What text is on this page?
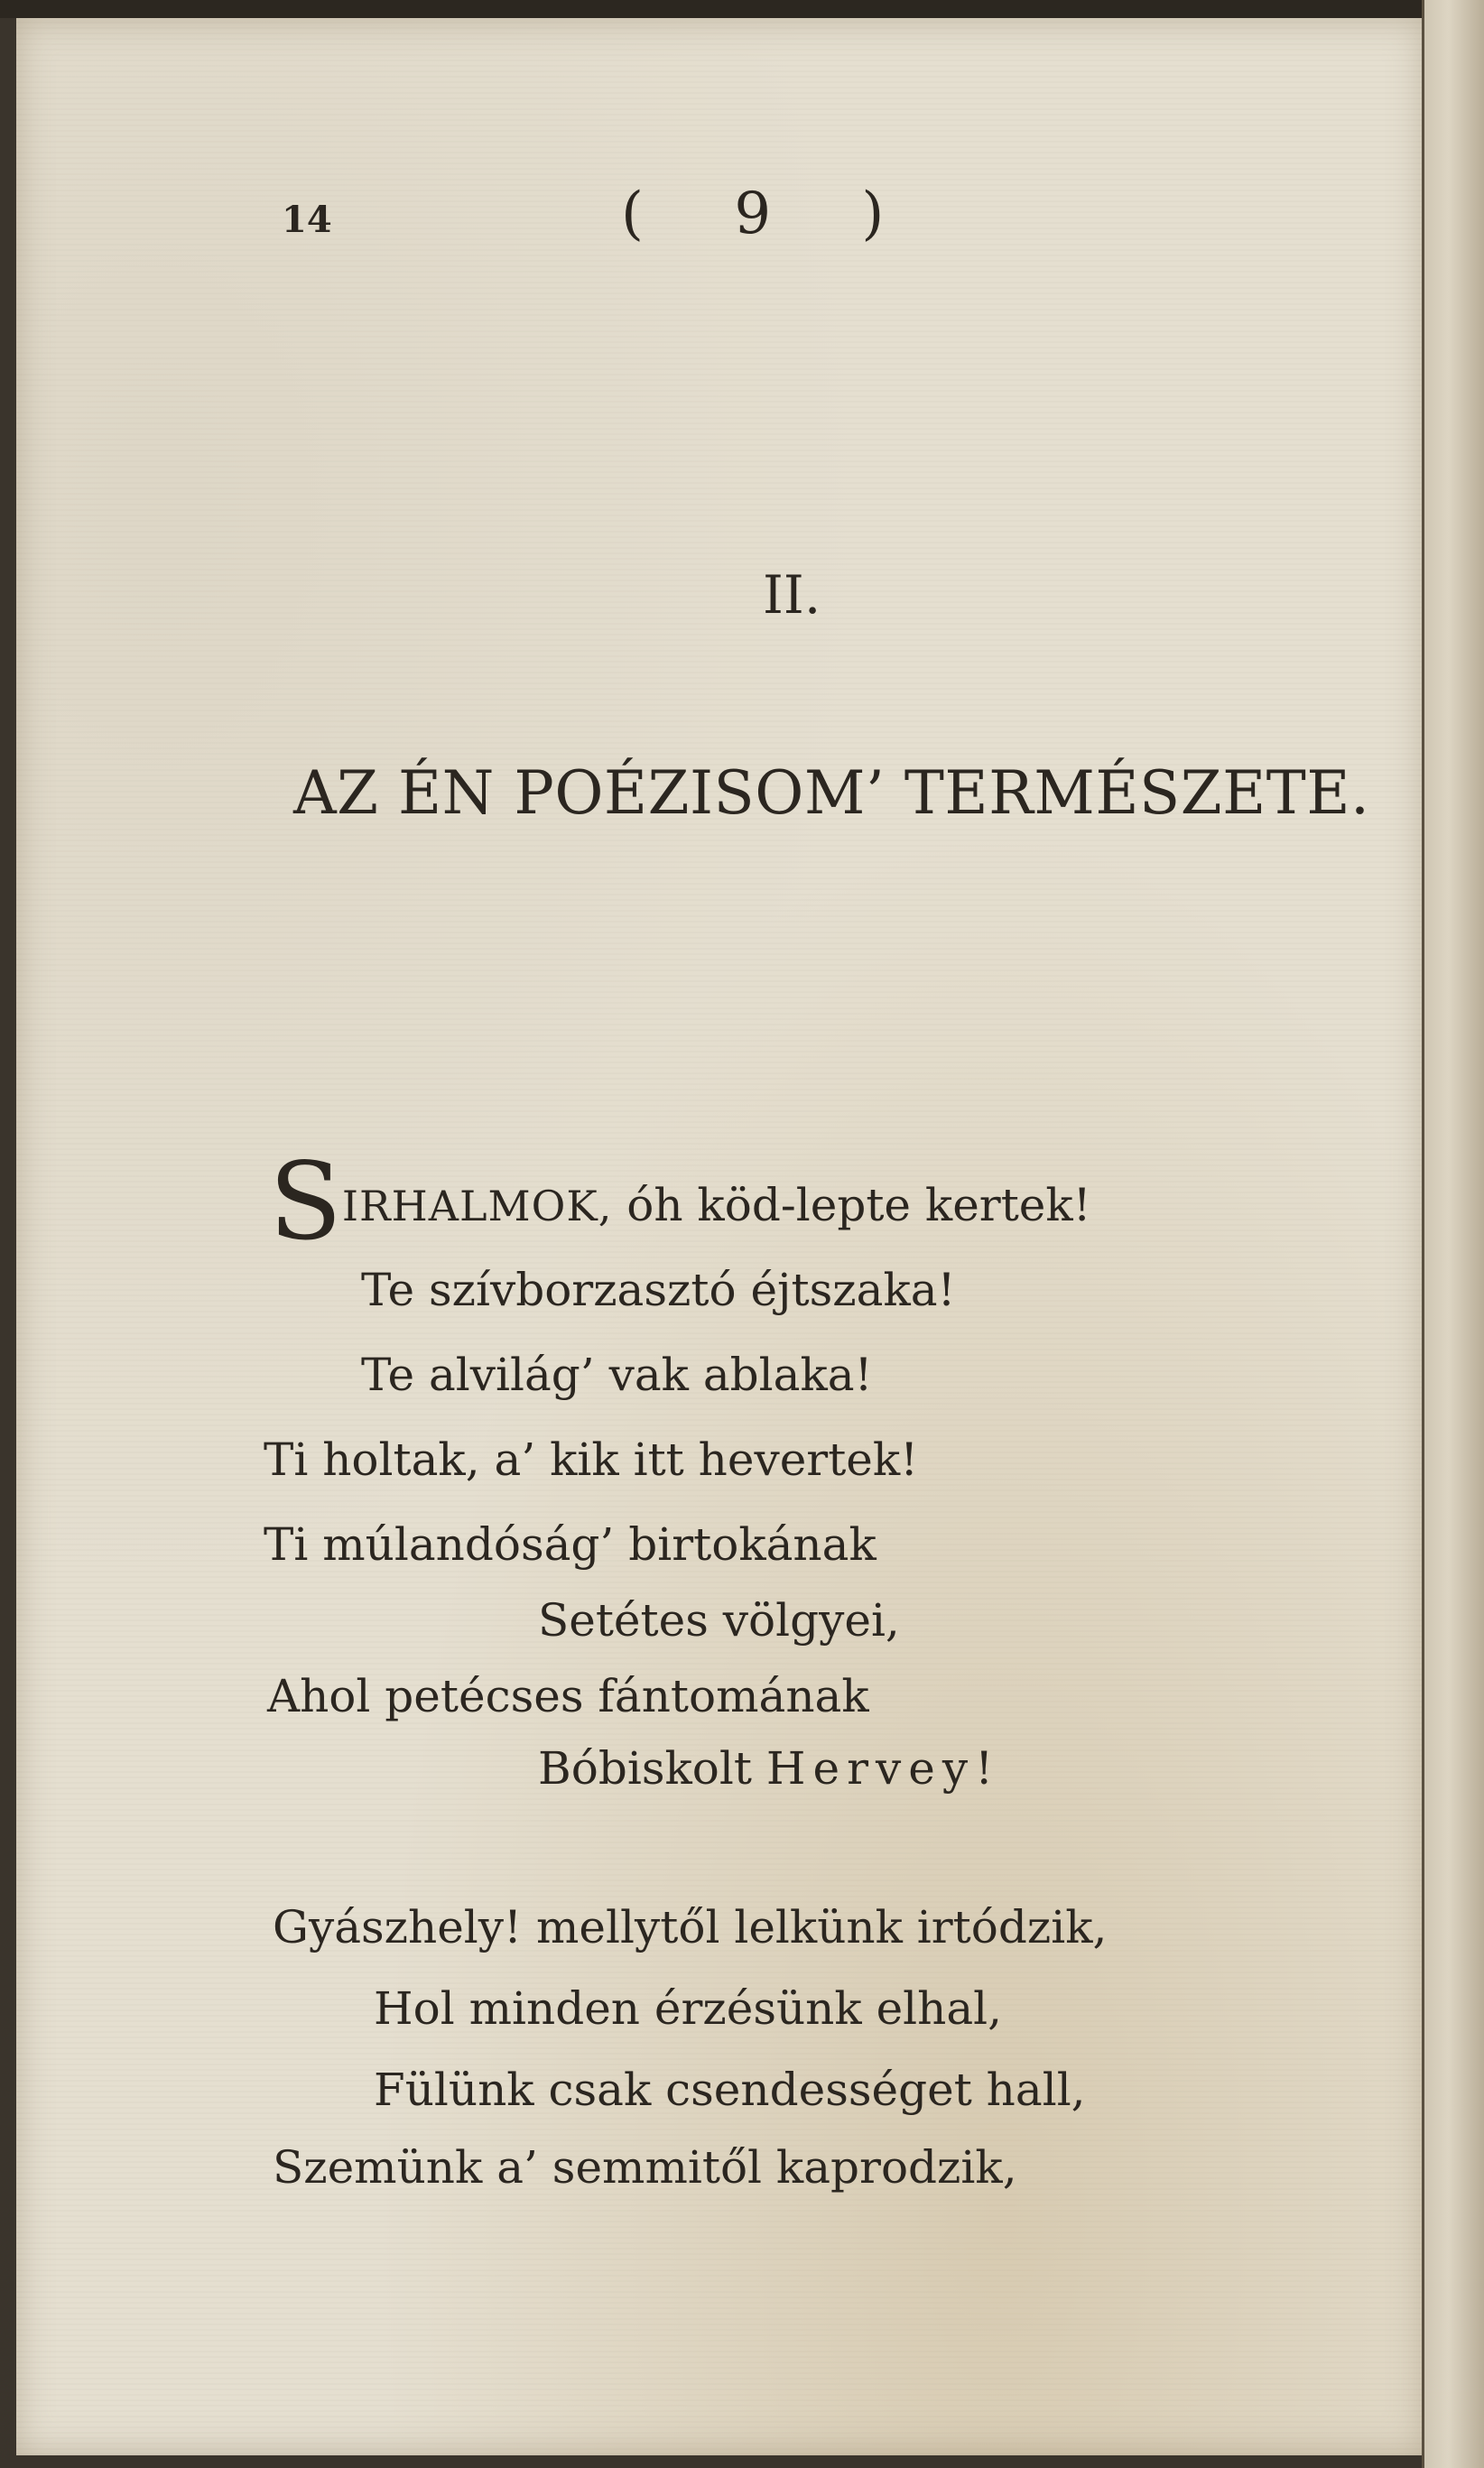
14	( 9 )
II.
AZ ÉN POÉZISOM’ TERMÉSZETE.
SIRHALMOK, óh köd-lepte kertek!
Te szívborzasztó éjtszaka!
Te alvilág’ vak ablaka!
Ti holtak, a’ kik itt hevertek!
Ti múlandóság’ birtokának
Setétes völgyei,
Ahol petécses fántomának
Bóbiskolt Hervey!
Gyászhely! mellytől lelkünk irtódzik,
Hol minden érzésünk elhal,
Fülünk csak csendességet hall,
Szemünk a’ semmitől kaprodzik,
